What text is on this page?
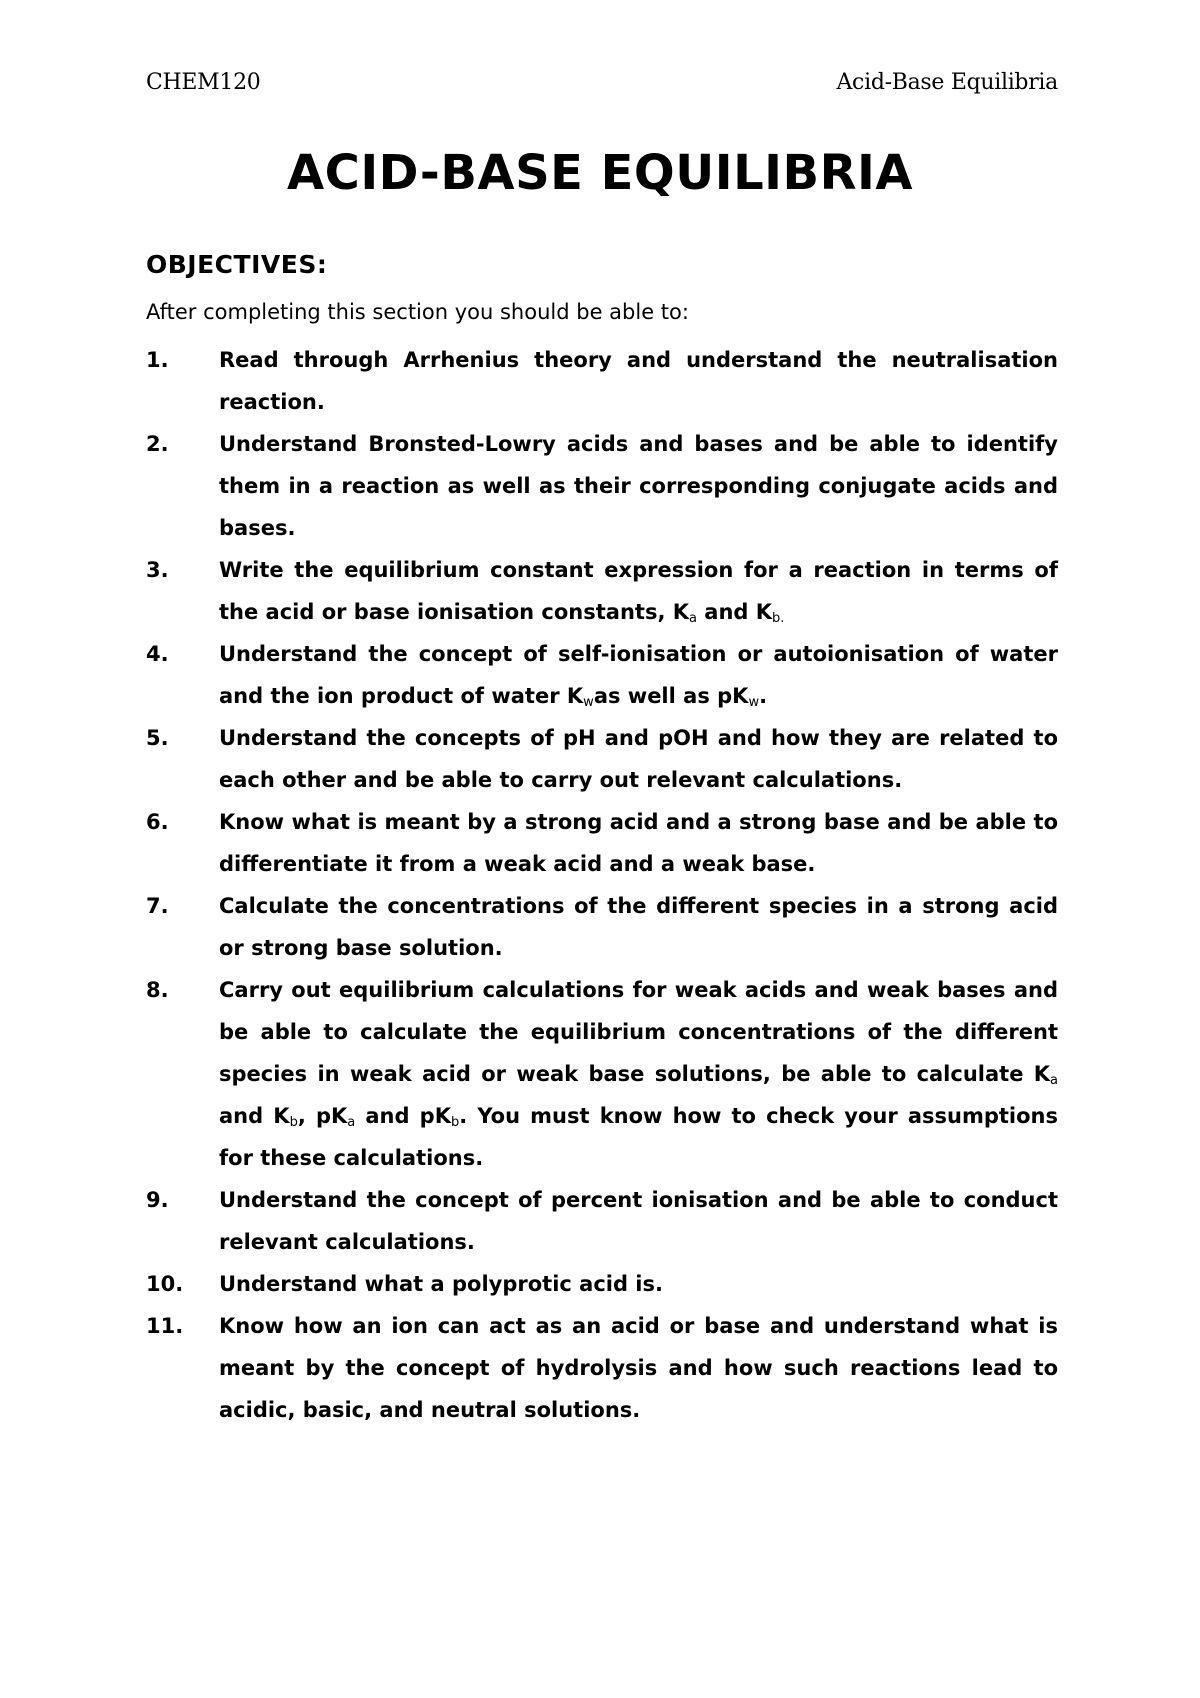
CHEM120	Acid-Base Equilibria
ACID-BASE EQUILIBRIA
OBJECTIVES:

After completing this section you should be able to:

1. Read through Arrhenius theory and understand the neutralisation reaction.
2. Understand Bronsted-Lowry acids and bases and be able to identify them in a reaction as well as their corresponding conjugate acids and bases.
3. Write the equilibrium constant expression for a reaction in terms of the acid or base ionisation constants, $K_a$ and $K_{b.}$
4. Understand the concept of self-ionisation or autoionisation of water and the ion product of water $K_was$ well as $pK_w$.
5. Understand the concepts of pH and pOH and how they are related to each other and be able to carry out relevant calculations.
6. Know what is meant by a strong acid and a strong base and be able to differentiate it from a weak acid and a weak base.
7. Calculate the concentrations of the different species in a strong acid or strong base solution.
8. Carry out equilibrium calculations for weak acids and weak bases and be able to calculate the equilibrium concentrations of the different species in weak acid or weak base solutions, be able to calculate $K_a$ and $K_b$, $pK_a$ and $pK_b$. You must know how to check your assumptions for these calculations.
9. Understand the concept of percent ionisation and be able to conduct relevant calculations.
10. Understand what a polyprotic acid is.
11. Know how an ion can act as an acid or base and understand what is meant by the concept of hydrolysis and how such reactions lead to acidic, basic, and neutral solutions.
